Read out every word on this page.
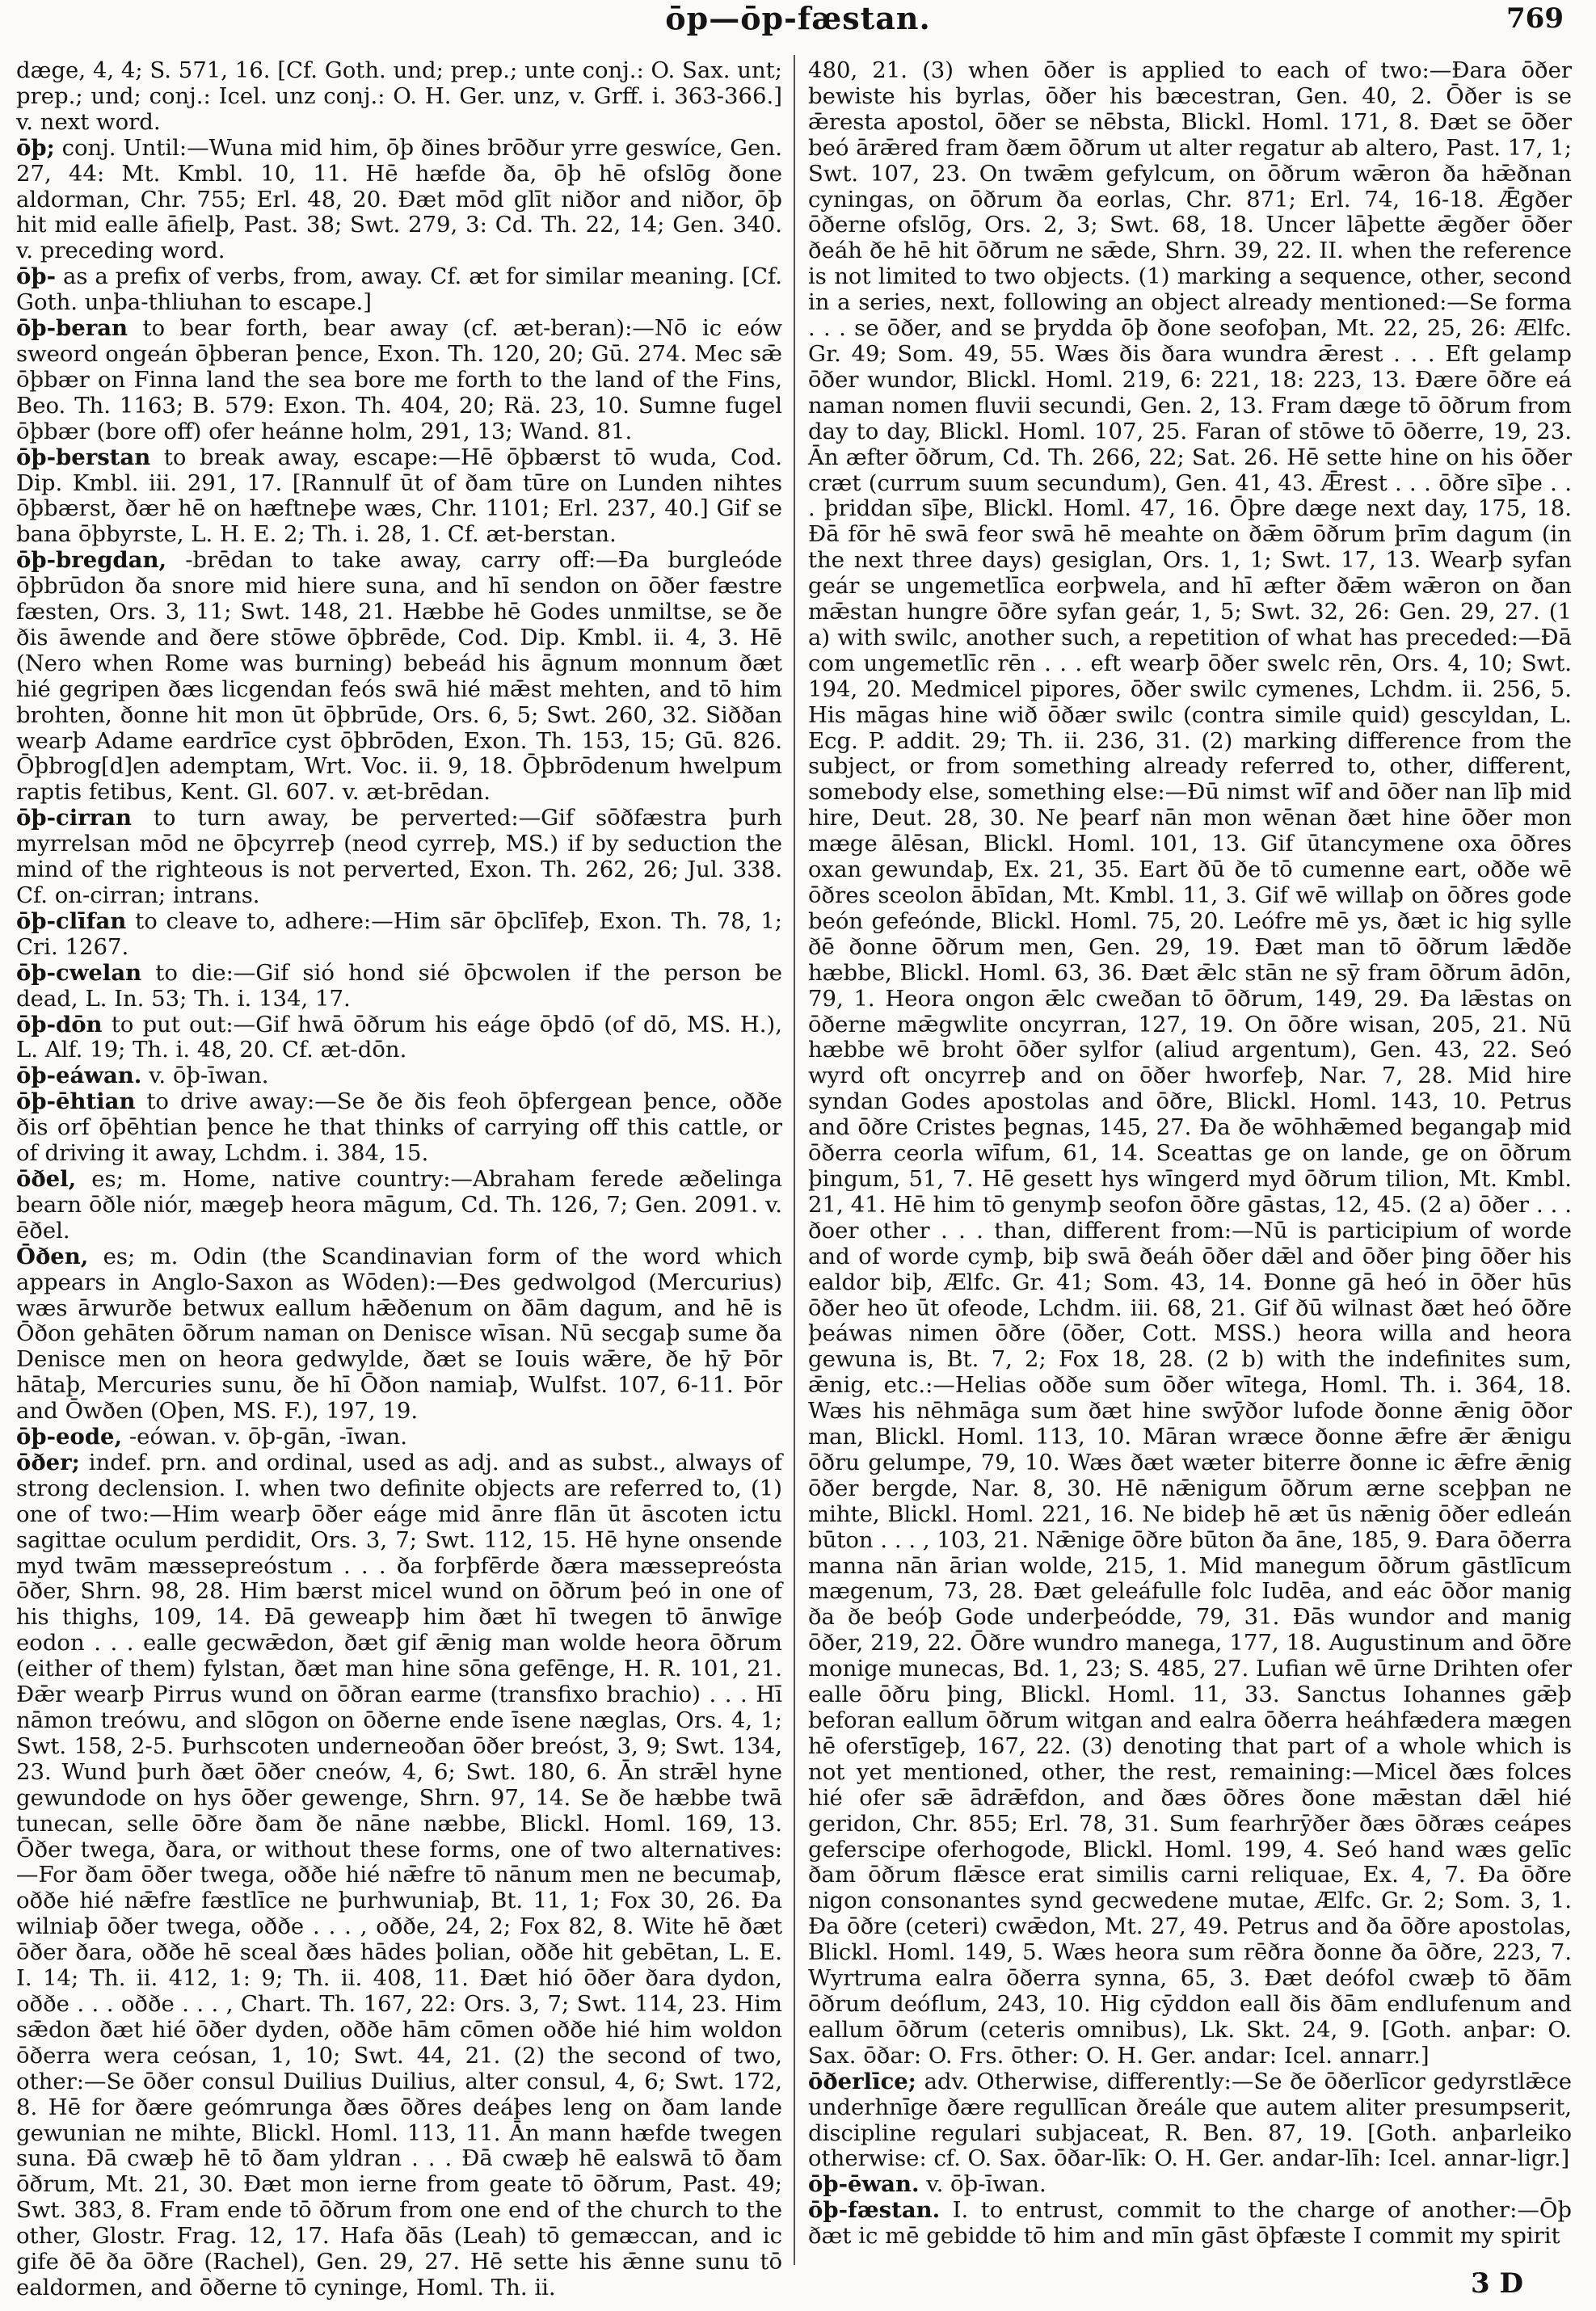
ōp—ōp-fæstan.	769

dæge, 4, 4; S. 571, 16. [Cf. Goth. und; prep.; unte conj.: O. Sax. unt; prep.; und; conj.: Icel. unz conj.: O. H. Ger. unz, v. Grff. i. 363-366.] v. next word.

ōþ; conj. Until:—Wuna mid him, ōþ ðines brōður yrre geswíce, Gen. 27, 44: Mt. Kmbl. 10, 11. Hē hæfde ða, ōþ hē ofslōg ðone aldorman, Chr. 755; Erl. 48, 20. Ðæt mōd glīt niðor and niðor, ōþ hit mid ealle āfielþ, Past. 38; Swt. 279, 3: Cd. Th. 22, 14; Gen. 340. v. preceding word.

ōþ- as a prefix of verbs, from, away. Cf. æt for similar meaning. [Cf. Goth. unþa-thliuhan to escape.]

ōþ-beran to bear forth, bear away (cf. æt-beran):—Nō ic eów sweord ongeán ōþberan þence, Exon. Th. 120, 20; Gū. 274. Mec sǣ ōþbær on Finna land the sea bore me forth to the land of the Fins, Beo. Th. 1163; B. 579: Exon. Th. 404, 20; Rä. 23, 10. Sumne fugel ōþbær (bore off) ofer heánne holm, 291, 13; Wand. 81.

ōþ-berstan to break away, escape:—Hē ōþbærst tō wuda, Cod. Dip. Kmbl. iii. 291, 17. [Rannulf ūt of ðam tūre on Lunden nihtes ōþbærst, ðær hē on hæftneþe wæs, Chr. 1101; Erl. 237, 40.] Gif se bana ōþbyrste, L. H. E. 2; Th. i. 28, 1. Cf. æt-berstan.

ōþ-bregdan, -brēdan to take away, carry off:—Ða burgleóde ōþbrūdon ða snore mid hiere suna, and hī sendon on ōðer fæstre fæsten, Ors. 3, 11; Swt. 148, 21. Hæbbe hē Godes unmiltse, se ðe ðis āwende and ðere stōwe ōþbrēde, Cod. Dip. Kmbl. ii. 4, 3. Hē (Nero when Rome was burning) bebeád his āgnum monnum ðæt hié gegripen ðæs licgendan feós swā hié mǣst mehten, and tō him brohten, ðonne hit mon ūt ōþbrūde, Ors. 6, 5; Swt. 260, 32. Siððan wearþ Adame eardrīce cyst ōþbrōden, Exon. Th. 153, 15; Gū. 826. Ōþbrog[d]en ademptam, Wrt. Voc. ii. 9, 18. Ōþbrōdenum hwelpum raptis fetibus, Kent. Gl. 607. v. æt-brēdan.

ōþ-cirran to turn away, be perverted:—Gif sōðfæstra þurh myrrelsan mōd ne ōþcyrreþ (neod cyrreþ, MS.) if by seduction the mind of the righteous is not perverted, Exon. Th. 262, 26; Jul. 338. Cf. on-cirran; intrans.

ōþ-clīfan to cleave to, adhere:—Him sār ōþclīfeþ, Exon. Th. 78, 1; Cri. 1267.

ōþ-cwelan to die:—Gif sió hond sié ōþcwolen if the person be dead, L. In. 53; Th. i. 134, 17.

ōþ-dōn to put out:—Gif hwā ōðrum his eáge ōþdō (of dō, MS. H.), L. Alf. 19; Th. i. 48, 20. Cf. æt-dōn.

ōþ-eáwan. v. ōþ-īwan.

ōþ-ēhtian to drive away:—Se ðe ðis feoh ōþfergean þence, oððe ðis orf ōþēhtian þence he that thinks of carrying off this cattle, or of driving it away, Lchdm. i. 384, 15.

ōðel, es; m. Home, native country:—Abraham ferede æðelinga bearn ōðle niór, mægeþ heora māgum, Cd. Th. 126, 7; Gen. 2091. v. ēðel.

Ōðen, es; m. Odin (the Scandinavian form of the word which appears in Anglo-Saxon as Wōden):—Ðes gedwolgod (Mercurius) wæs ārwurðe betwux eallum hǣðenum on ðām dagum, and hē is Ōðon gehāten ōðrum naman on Denisce wīsan. Nū secgaþ sume ða Denisce men on heora gedwylde, ðæt se Iouis wǣre, ðe hȳ Þōr hātaþ, Mercuries sunu, ðe hī Ōðon namiaþ, Wulfst. 107, 6-11. Þōr and Ōwðen (Oþen, MS. F.), 197, 19.

ōþ-eode, -eówan. v. ōþ-gān, -īwan.

ōðer; indef. prn. and ordinal, used as adj. and as subst., always of strong declension. I. when two definite objects are referred to, (1) one of two:—Him wearþ ōðer eáge mid ānre flān ūt āscoten ictu sagittae oculum perdidit, Ors. 3, 7; Swt. 112, 15. Hē hyne onsende myd twām mæssepreóstum . . . ða forþfērde ðæra mæssepreósta ōðer, Shrn. 98, 28. Him bærst micel wund on ōðrum þeó in one of his thighs, 109, 14. Ðā geweарþ him ðæt hī twegen tō ānwīge eodon . . . ealle gecwǣdon, ðæt gif ǣnig man wolde heora ōðrum (either of them) fylstan, ðæt man hine sōna gefēnge, H. R. 101, 21. Ðǣr wearþ Pirrus wund on ōðran earme (transfixo brachio) . . . Hī nāmon treówu, and slōgon on ōðerne ende īsene næglas, Ors. 4, 1; Swt. 158, 2-5. Þurhscoten underneoðan ōðer breóst, 3, 9; Swt. 134, 23. Wund þurh ðæt ōðer cneów, 4, 6; Swt. 180, 6. Ān strǣl hyne gewundode on hys ōðer gewenge, Shrn. 97, 14. Se ðe hæbbe twā tunecan, selle ōðre ðam ðe nāne næbbe, Blickl. Homl. 169, 13. Ōðer twega, ðara, or without these forms, one of two alternatives:—For ðam ōðer twega, oððe hié nǣfre tō nānum men ne becumaþ, oððe hié nǣfre fæstlīce ne þurhwuniaþ, Bt. 11, 1; Fox 30, 26. Ða wilniaþ ōðer twega, oððe . . . , oððe, 24, 2; Fox 82, 8. Wite hē ðæt ōðer ðara, oððe hē sceal ðæs hādes þolian, oððe hit gebētan, L. E. I. 14; Th. ii. 412, 1: 9; Th. ii. 408, 11. Ðæt hió ōðer ðara dydon, oððe . . . oððe . . . , Chart. Th. 167, 22: Ors. 3, 7; Swt. 114, 23. Him sǣdon ðæt hié ōðer dyden, oððe hām cōmen oððe hié him woldon ōðerra wera ceósan, 1, 10; Swt. 44, 21. (2) the second of two, other:—Se ōðer consul Duilius Duilius, alter consul, 4, 6; Swt. 172, 8. Hē for ðære geómrunga ðæs ōðres deáþes leng on ðam lande gewunian ne mihte, Blickl. Homl. 113, 11. Ān mann hæfde twegen suna. Ðā cwæþ hē tō ðam yldran . . . Ðā cwæþ hē ealswā tō ðam ōðrum, Mt. 21, 30. Ðæt mon ierne from geate tō ōðrum, Past. 49; Swt. 383, 8. Fram ende tō ōðrum from one end of the church to the other, Glostr. Frag. 12, 17. Hafa ðās (Leah) tō gemæccan, and ic gife ðē ða ōðre (Rachel), Gen. 29, 27. Hē sette his ǣnne sunu tō ealdormen, and ōðerne tō cyninge, Homl. Th. ii.

480, 21. (3) when ōðer is applied to each of two:—Ðara ōðer bewiste his byrlas, ōðer his bæcestran, Gen. 40, 2. Ōðer is se ǣresta apostol, ōðer se nēbsta, Blickl. Homl. 171, 8. Ðæt se ōðer beó ārǣred fram ðæm ōðrum ut alter regatur ab altero, Past. 17, 1; Swt. 107, 23. On twǣm gefylcum, on ōðrum wǣron ða hǣðnan cyningas, on ōðrum ða eorlas, Chr. 871; Erl. 74, 16-18. Ǣgðer ōðerne ofslōg, Ors. 2, 3; Swt. 68, 18. Uncer lāþette ǣgðer ōðer ðeáh ðe hē hit ōðrum ne sǣde, Shrn. 39, 22. II. when the reference is not limited to two objects. (1) marking a sequence, other, second in a series, next, following an object already mentioned:—Se forma . . . se ōðer, and se þrydda ōþ ðone seofoþan, Mt. 22, 25, 26: Ælfc. Gr. 49; Som. 49, 55. Wæs ðis ðara wundra ǣrest . . . Eft gelamp ōðer wundor, Blickl. Homl. 219, 6: 221, 18: 223, 13. Ðære ōðre eá naman nomen fluvii secundi, Gen. 2, 13. Fram dæge tō ōðrum from day to day, Blickl. Homl. 107, 25. Faran of stōwe tō ōðerre, 19, 23. Ān æfter ōðrum, Cd. Th. 266, 22; Sat. 26. Hē sette hine on his ōðer cræt (currum suum secundum), Gen. 41, 43. Ǣrest . . . ōðre sīþe . . . þriddan sīþe, Blickl. Homl. 47, 16. Ōþre dæge next day, 175, 18. Ðā fōr hē swā feor swā hē meahte on ðǣm ōðrum þrīm dagum (in the next three days) gesiglan, Ors. 1, 1; Swt. 17, 13. Wearþ syfan geár se ungemetlīca eorþwela, and hī æfter ðǣm wǣron on ðan mǣstan hungre ōðre syfan geár, 1, 5; Swt. 32, 26: Gen. 29, 27. (1 a) with swilc, another such, a repetition of what has preceded:—Ðā com ungemetlīc rēn . . . eft wearþ ōðer swelc rēn, Ors. 4, 10; Swt. 194, 20. Medmicel pipores, ōðer swilc cymenes, Lchdm. ii. 256, 5. His māgas hine wið ōðær swilc (contra simile quid) gescyldan, L. Ecg. P. addit. 29; Th. ii. 236, 31. (2) marking difference from the subject, or from something already referred to, other, different, somebody else, something else:—Ðū nimst wīf and ōðer nan līþ mid hire, Deut. 28, 30. Ne þearf nān mon wēnan ðæt hine ōðer mon mæge ālēsan, Blickl. Homl. 101, 13. Gif ūtancymene oxa ōðres oxan gewundaþ, Ex. 21, 35. Eart ðū ðe tō cumenne eart, oððe wē ōðres sceolon ābīdan, Mt. Kmbl. 11, 3. Gif wē willaþ on ōðres gode beón gefeónde, Blickl. Homl. 75, 20. Leófre mē ys, ðæt ic hig sylle ðē ðonne ōðrum men, Gen. 29, 19. Ðæt man tō ōðrum lǣdðe hæbbe, Blickl. Homl. 63, 36. Ðæt ǣlc stān ne sȳ fram ōðrum ādōn, 79, 1. Heora ongon ǣlc cweðan tō ōðrum, 149, 29. Ða lǣstas on ōðerne mǣgwlite oncyrran, 127, 19. On ōðre wisan, 205, 21. Nū hæbbe wē broht ōðer sylfor (aliud argentum), Gen. 43, 22. Seó wyrd oft oncyrreþ and on ōðer hworfeþ, Nar. 7, 28. Mid hire syndan Godes apostolas and ōðre, Blickl. Homl. 143, 10. Petrus and ōðre Cristes þegnas, 145, 27. Ða ðe wōhhǣmed begangaþ mid ōðerra ceorla wīfum, 61, 14. Sceattas ge on lande, ge on ōðrum þingum, 51, 7. Hē gesett hys wīngerd myd ōðrum tilion, Mt. Kmbl. 21, 41. Hē him tō genymþ seofon ōðre gāstas, 12, 45. (2 a) ōðer . . . ðoer other . . . than, different from:—Nū is participium of worde and of worde cymþ, biþ swā ðeáh ōðer dǣl and ōðer þing ōðer his ealdor biþ, Ælfc. Gr. 41; Som. 43, 14. Ðonne gā heó in ōðer hūs ōðer heo ūt ofeode, Lchdm. iii. 68, 21. Gif ðū wilnast ðæt heó ōðre þeáwas nimen ōðre (ōðer, Cott. MSS.) heora willa and heora gewuna is, Bt. 7, 2; Fox 18, 28. (2 b) with the indefinites sum, ǣnig, etc.:—Helias oððe sum ōðer wītega, Homl. Th. i. 364, 18. Wæs his nēhmāga sum ðæt hine swȳðor lufode ðonne ǣnig ōðor man, Blickl. Homl. 113, 10. Māran wræce ðonne ǣfre ǣr ǣnigu ōðru gelumpe, 79, 10. Wæs ðæt wæter biterre ðonne ic ǣfre ǣnig ōðer bergde, Nar. 8, 30. Hē nǣnigum ōðrum ærne sceþþan ne mihte, Blickl. Homl. 221, 16. Ne bideþ hē æt ūs nǣnig ōðer edleán būton . . . , 103, 21. Nǣnige ōðre būton ða āne, 185, 9. Ðara ōðerra manna nān ārian wolde, 215, 1. Mid manegum ōðrum gāstlīcum mægenum, 73, 28. Ðæt geleáfulle folc Iudēa, and eác ōðor manig ða ðe beóþ Gode underþeódde, 79, 31. Ðās wundor and manig ōðer, 219, 22. Ōðre wundro manega, 177, 18. Augustinum and ōðre monige munecas, Bd. 1, 23; S. 485, 27. Lufian wē ūrne Drihten ofer ealle ōðru þing, Blickl. Homl. 11, 33. Sanctus Iohannes gǣþ beforan eallum ōðrum witgan and ealra ōðerra heáhfæderа mægen hē oferstīgeþ, 167, 22. (3) denoting that part of a whole which is not yet mentioned, other, the rest, remaining:—Micel ðæs folces hié ofer sǣ ādrǣfdon, and ðæs ōðres ðone mǣstan dǣl hié geridon, Chr. 855; Erl. 78, 31. Sum fearhrȳðer ðæs ōðræs ceápes geferscipe oferhogode, Blickl. Homl. 199, 4. Seó hand wæs gelīc ðam ōðrum flǣsce erat similis carni reliquae, Ex. 4, 7. Ða ōðre nigon consonantes synd gecwedene mutae, Ælfc. Gr. 2; Som. 3, 1. Ða ōðre (ceteri) cwǣdon, Mt. 27, 49. Petrus and ða ōðre apostolas, Blickl. Homl. 149, 5. Wæs heora sum rēðra ðonne ða ōðre, 223, 7. Wyrtruma ealra ōðerra synna, 65, 3. Ðæt deófol cwæþ tō ðām ōðrum deóflum, 243, 10. Hig cȳddon eall ðis ðām endlufenum and eallum ōðrum (ceteris omnibus), Lk. Skt. 24, 9. [Goth. anþar: O. Sax. ōðar: O. Frs. ōther: O. H. Ger. andar: Icel. annarr.]

ōðerlīce; adv. Otherwise, differently:—Se ðe ōðerlīcor gedyrstlǣce underhnīge ðære regullīcan ðreále que autem aliter presumpserit, discipline regulari subjaceat, R. Ben. 87, 19. [Goth. anþarleiko otherwise: cf. O. Sax. ōðar-līk: O. H. Ger. andar-līh: Icel. annar-ligr.]

ōþ-ēwan. v. ōþ-īwan.

ōþ-fæstan. I. to entrust, commit to the charge of another:—Ōþ ðæt ic mē gebidde tō him and mīn gāst ōþfæste I commit my spirit

3 D
